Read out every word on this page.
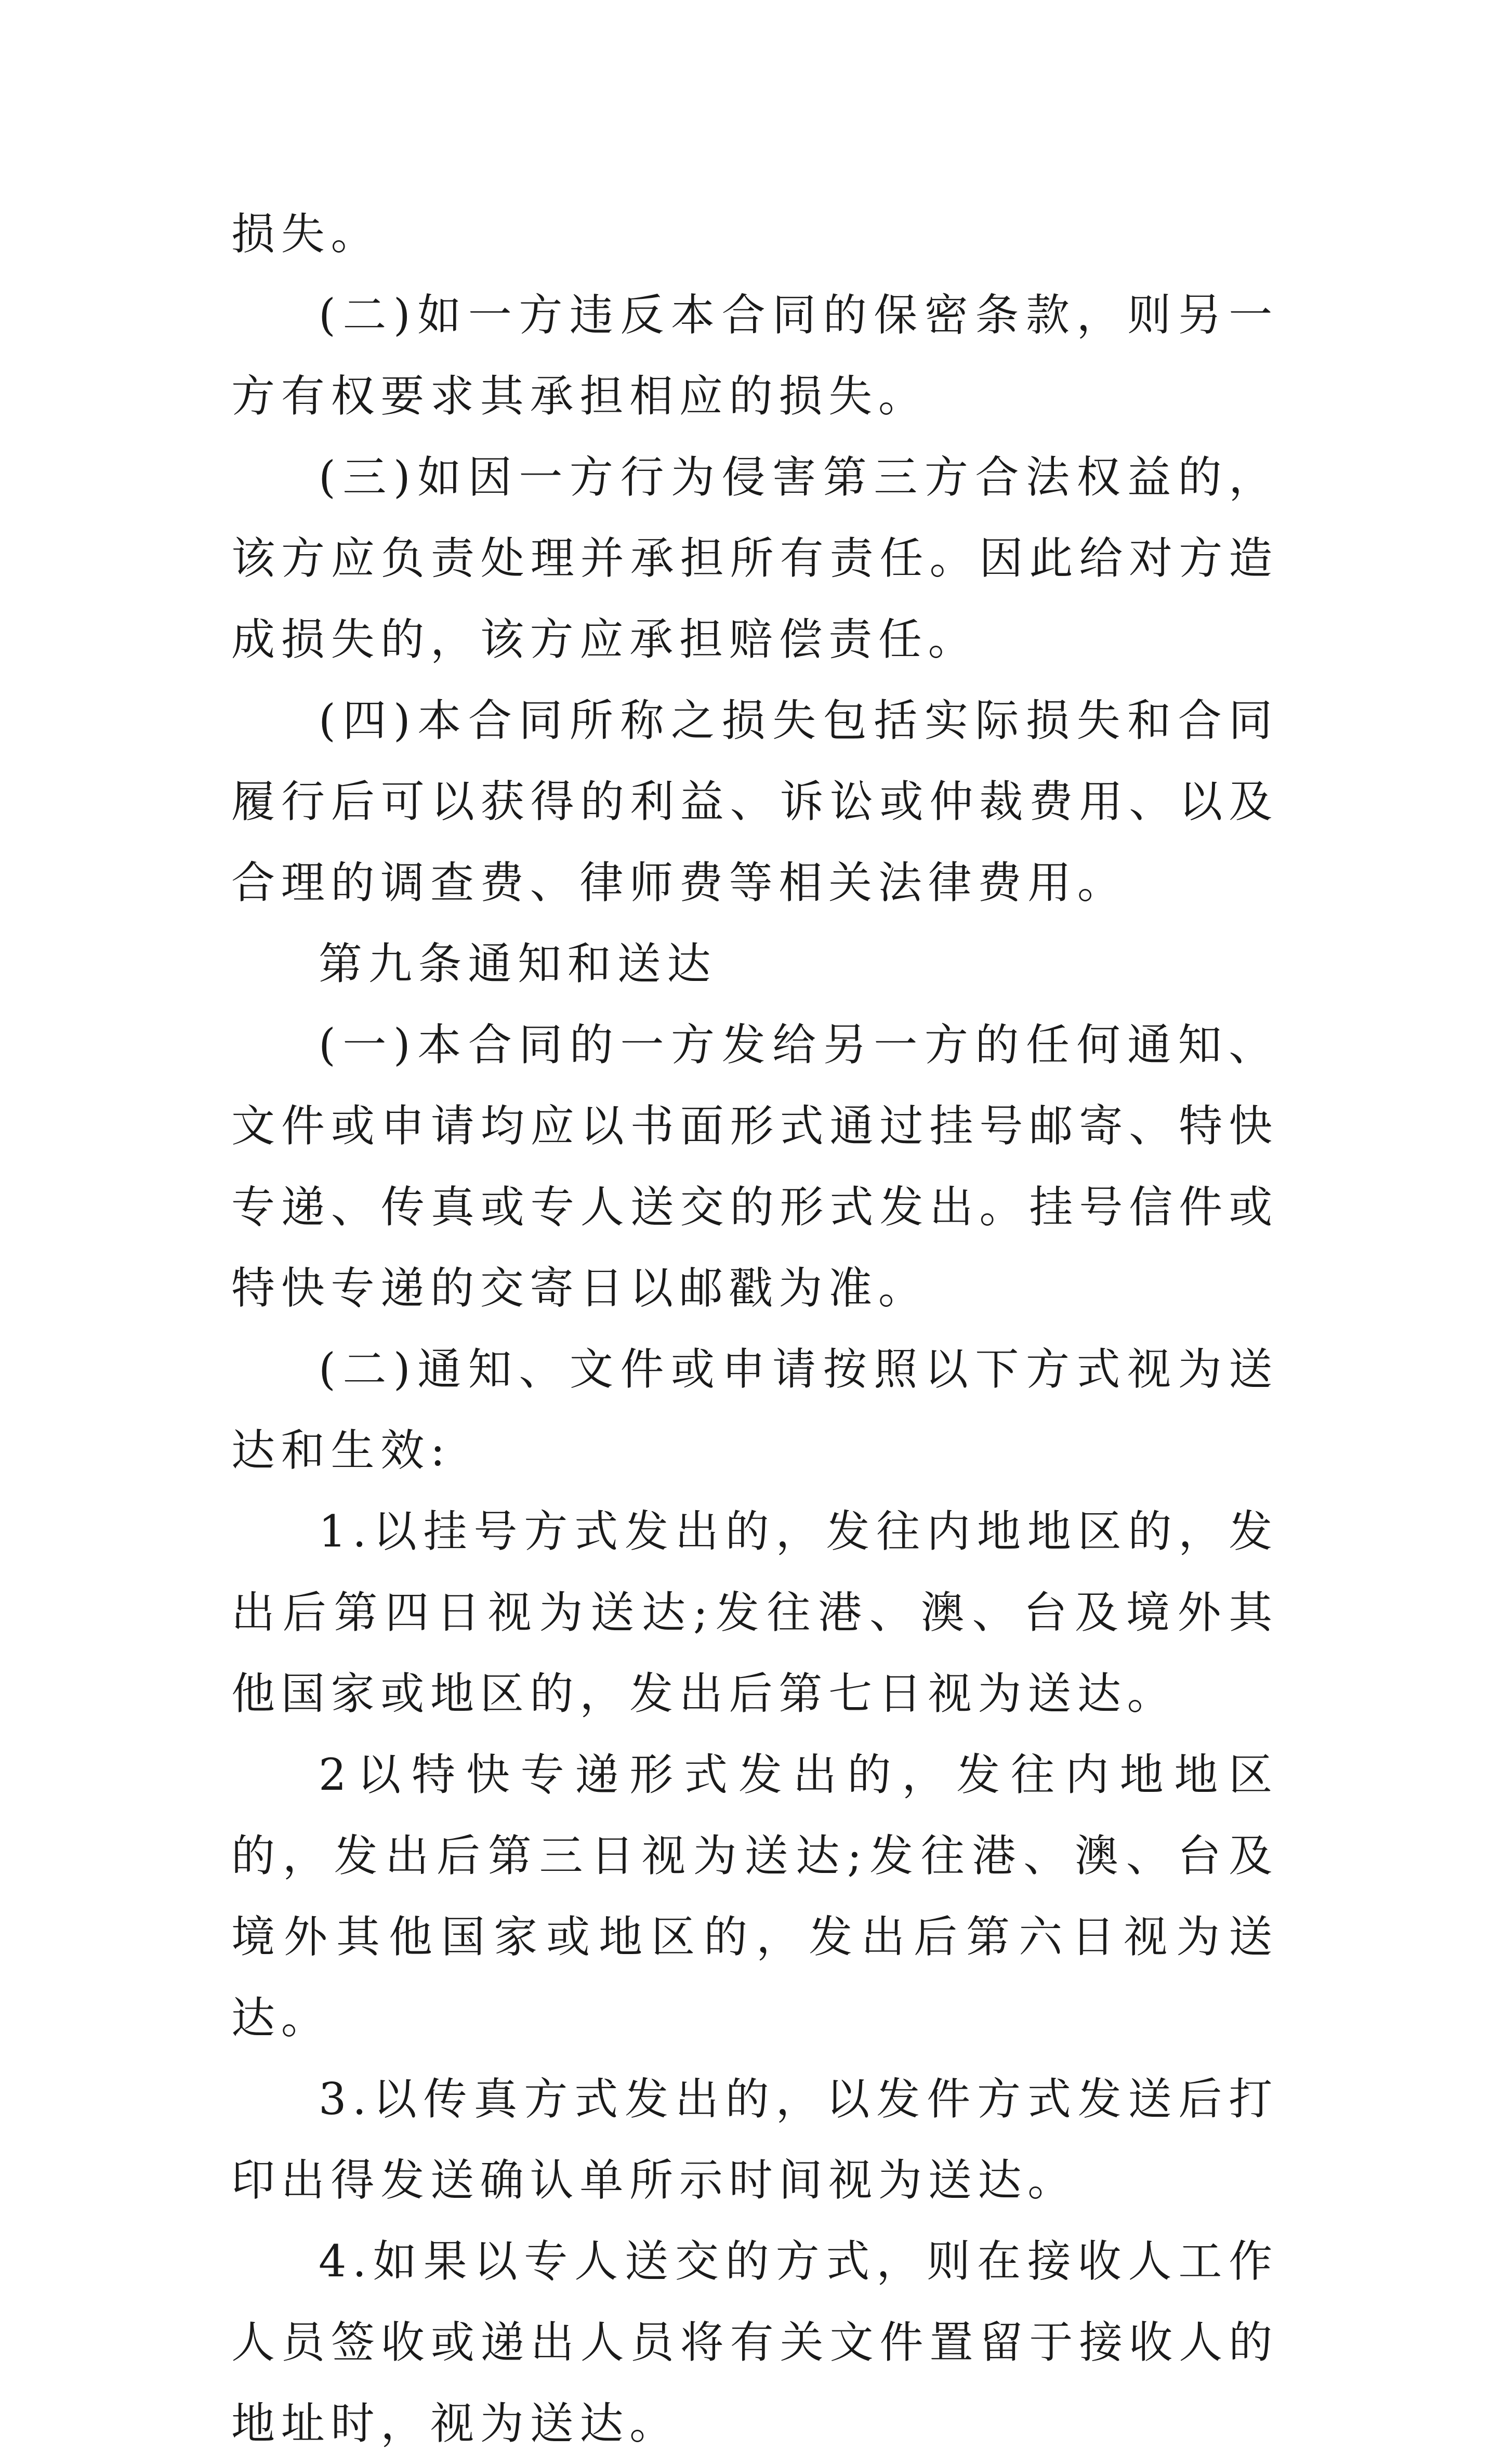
损失。

(二)如一方违反本合同的保密条款，则另一方有权要求其承担相应的损失。

(三)如因一方行为侵害第三方合法权益的，该方应负责处理并承担所有责任。因此给对方造成损失的，该方应承担赔偿责任。

(四)本合同所称之损失包括实际损失和合同履行后可以获得的利益、诉讼或仲裁费用、以及合理的调查费、律师费等相关法律费用。

第九条通知和送达

(一)本合同的一方发给另一方的任何通知、文件或申请均应以书面形式通过挂号邮寄、特快专递、传真或专人送交的形式发出。挂号信件或特快专递的交寄日以邮戳为准。

(二)通知、文件或申请按照以下方式视为送达和生效:

1.以挂号方式发出的，发往内地地区的，发出后第四日视为送达;发往港、澳、台及境外其他国家或地区的，发出后第七日视为送达。

2以特快专递形式发出的，发往内地地区的，发出后第三日视为送达;发往港、澳、台及境外其他国家或地区的，发出后第六日视为送达。

3.以传真方式发出的，以发件方式发送后打印出得发送确认单所示时间视为送达。

4.如果以专人送交的方式，则在接收人工作人员签收或递出人员将有关文件置留于接收人的地址时，视为送达。
